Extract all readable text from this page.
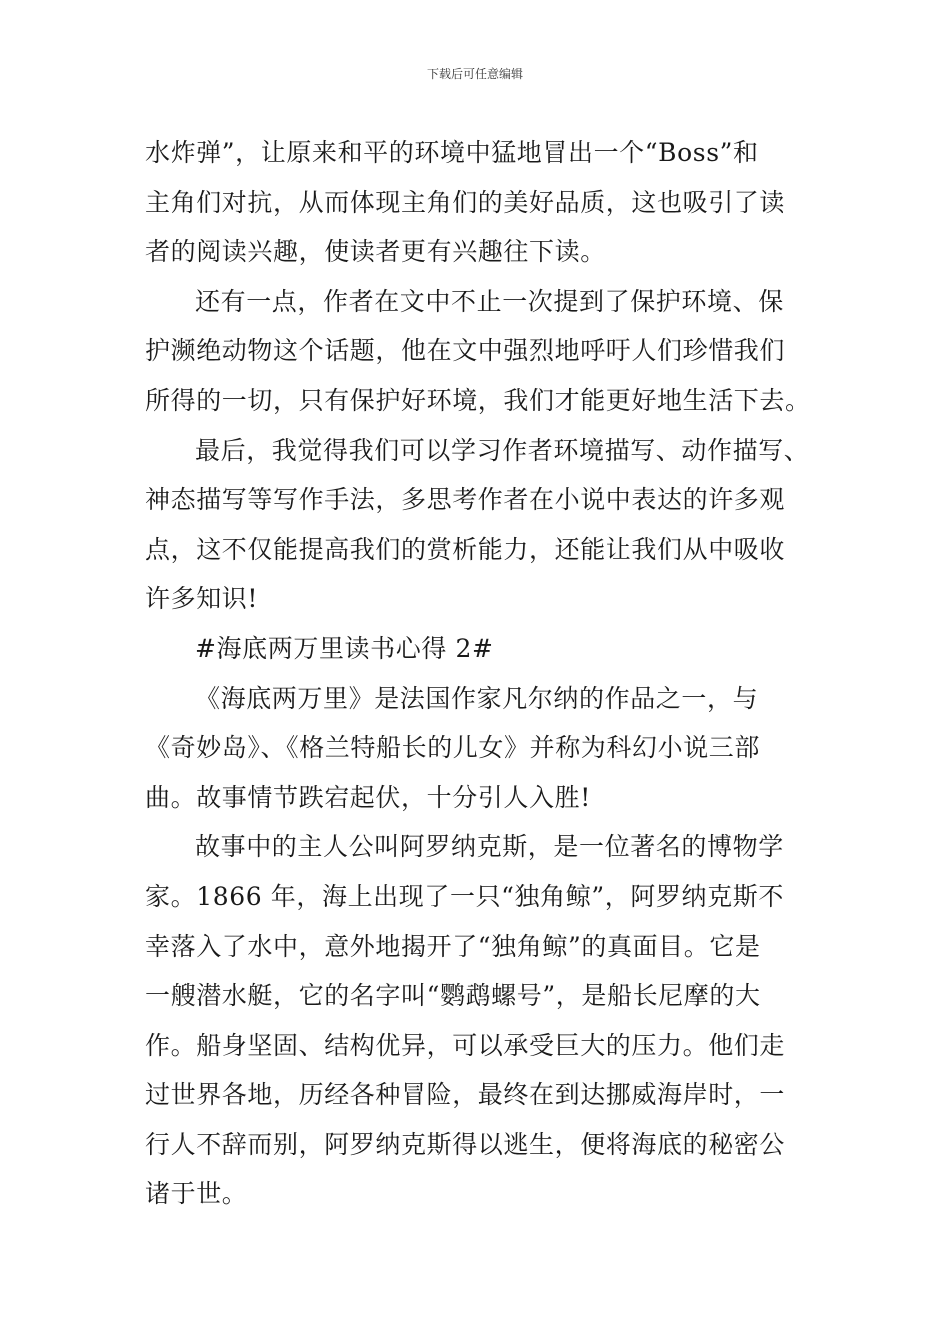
下载后可任意编辑
水炸弹”，让原来和平的环境中猛地冒出一个“Boss”和
主角们对抗，从而体现主角们的美好品质，这也吸引了读
者的阅读兴趣，使读者更有兴趣往下读。
还有一点，作者在文中不止一次提到了保护环境、保
护濒绝动物这个话题，他在文中强烈地呼吁人们珍惜我们
所得的一切，只有保护好环境，我们才能更好地生活下去。
最后，我觉得我们可以学习作者环境描写、动作描写、
神态描写等写作手法，多思考作者在小说中表达的许多观
点，这不仅能提高我们的赏析能力，还能让我们从中吸收
许多知识!
#海底两万里读书心得 2#
《海底两万里》是法国作家凡尔纳的作品之一，与
《奇妙岛》、《格兰特船长的儿女》并称为科幻小说三部
曲。故事情节跌宕起伏，十分引人入胜!
故事中的主人公叫阿罗纳克斯，是一位著名的博物学
家。1866 年，海上出现了一只“独角鲸”，阿罗纳克斯不
幸落入了水中，意外地揭开了“独角鲸”的真面目。它是
一艘潜水艇，它的名字叫“鹦鹉螺号”，是船长尼摩的大
作。船身坚固、结构优异，可以承受巨大的压力。他们走
过世界各地，历经各种冒险，最终在到达挪威海岸时，一
行人不辞而别，阿罗纳克斯得以逃生，便将海底的秘密公
诸于世。
